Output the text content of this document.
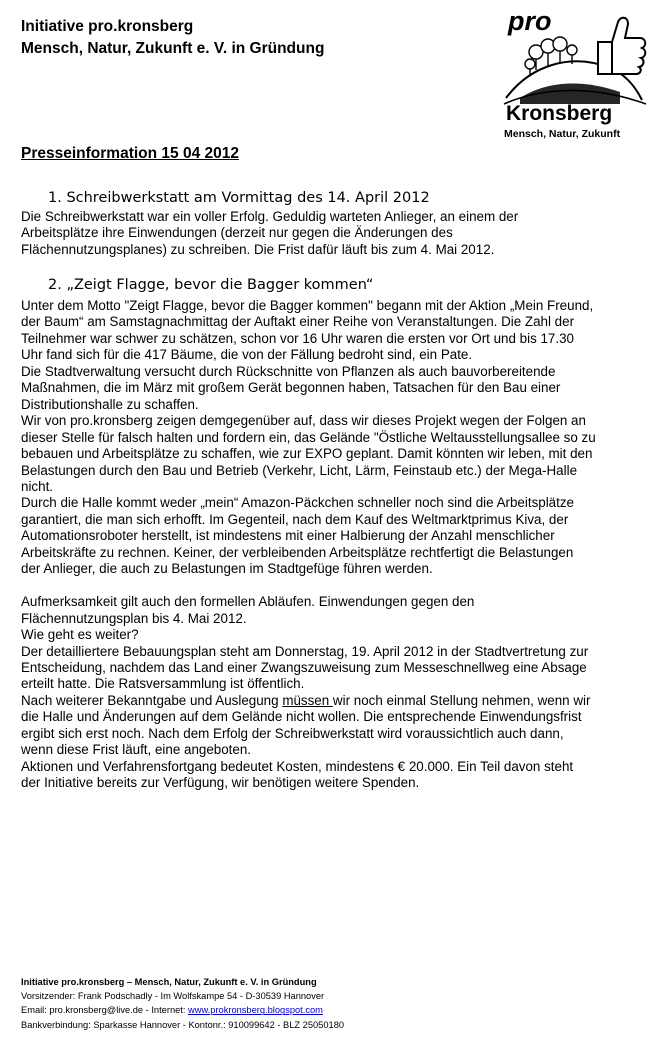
Initiative pro.kronsberg
Mensch, Natur, Zukunft e. V. in Gründung
pro
Kronsberg
Mensch, Natur, Zukunft
Presseinformation 15 04 2012
1. Schreibwerkstatt am Vormittag des 14. April 2012
Die Schreibwerkstatt war ein voller Erfolg. Geduldig warteten Anlieger, an einem der
Arbeitsplätze ihre Einwendungen (derzeit nur gegen die Änderungen des
Flächennutzungsplanes) zu schreiben. Die Frist dafür läuft bis zum 4. Mai 2012.
2. „Zeigt Flagge, bevor die Bagger kommen“
Unter dem Motto "Zeigt Flagge, bevor die Bagger kommen" begann mit der Aktion „Mein Freund,
der Baum“ am Samstagnachmittag der Auftakt einer Reihe von Veranstaltungen. Die Zahl der
Teilnehmer war schwer zu schätzen, schon vor 16 Uhr waren die ersten vor Ort und bis 17.30
Uhr fand sich für die 417 Bäume, die von der Fällung bedroht sind, ein Pate.
Die Stadtverwaltung versucht durch Rückschnitte von Pflanzen als auch bauvorbereitende
Maßnahmen, die im März mit großem Gerät begonnen haben, Tatsachen für den Bau einer
Distributionshalle zu schaffen.
Wir von pro.kronsberg zeigen demgegenüber auf, dass wir dieses Projekt wegen der Folgen an
dieser Stelle für falsch halten und fordern ein, das Gelände "Östliche Weltausstellungsallee so zu
bebauen und Arbeitsplätze zu schaffen, wie zur EXPO geplant. Damit könnten wir leben, mit den
Belastungen durch den Bau und Betrieb (Verkehr, Licht, Lärm, Feinstaub etc.) der Mega-Halle
nicht.
Durch die Halle kommt weder „mein“ Amazon-Päckchen schneller noch sind die Arbeitsplätze
garantiert, die man sich erhofft. Im Gegenteil, nach dem Kauf des Weltmarktprimus Kiva, der
Automationsroboter herstellt, ist mindestens mit einer Halbierung der Anzahl menschlicher
Arbeitskräfte zu rechnen. Keiner, der verbleibenden Arbeitsplätze rechtfertigt die Belastungen
der Anlieger, die auch zu Belastungen im Stadtgefüge führen werden.
Aufmerksamkeit gilt auch den formellen Abläufen. Einwendungen gegen den
Flächennutzungsplan bis 4. Mai 2012.
Wie geht es weiter?
Der detailliertere Bebauungsplan steht am Donnerstag, 19. April 2012 in der Stadtvertretung zur
Entscheidung, nachdem das Land einer Zwangszuweisung zum Messeschnellweg eine Absage
erteilt hatte. Die Ratsversammlung ist öffentlich.
Nach weiterer Bekanntgabe und Auslegung müssen wir noch einmal Stellung nehmen, wenn wir
die Halle und Änderungen auf dem Gelände nicht wollen. Die entsprechende Einwendungsfrist
ergibt sich erst noch. Nach dem Erfolg der Schreibwerkstatt wird voraussichtlich auch dann,
wenn diese Frist läuft, eine angeboten.
Aktionen und Verfahrensfortgang bedeutet Kosten, mindestens € 20.000. Ein Teil davon steht
der Initiative bereits zur Verfügung, wir benötigen weitere Spenden.
Initiative pro.kronsberg – Mensch, Natur, Zukunft e. V. in Gründung
Vorsitzender: Frank Podschadly - Im Wolfskampe 54 - D-30539 Hannover
Email: pro.kronsberg@live.de - Internet: www.prokronsberg.blogspot.com
Bankverbindung: Sparkasse Hannover - Kontonr.: 910099642 - BLZ 25050180
